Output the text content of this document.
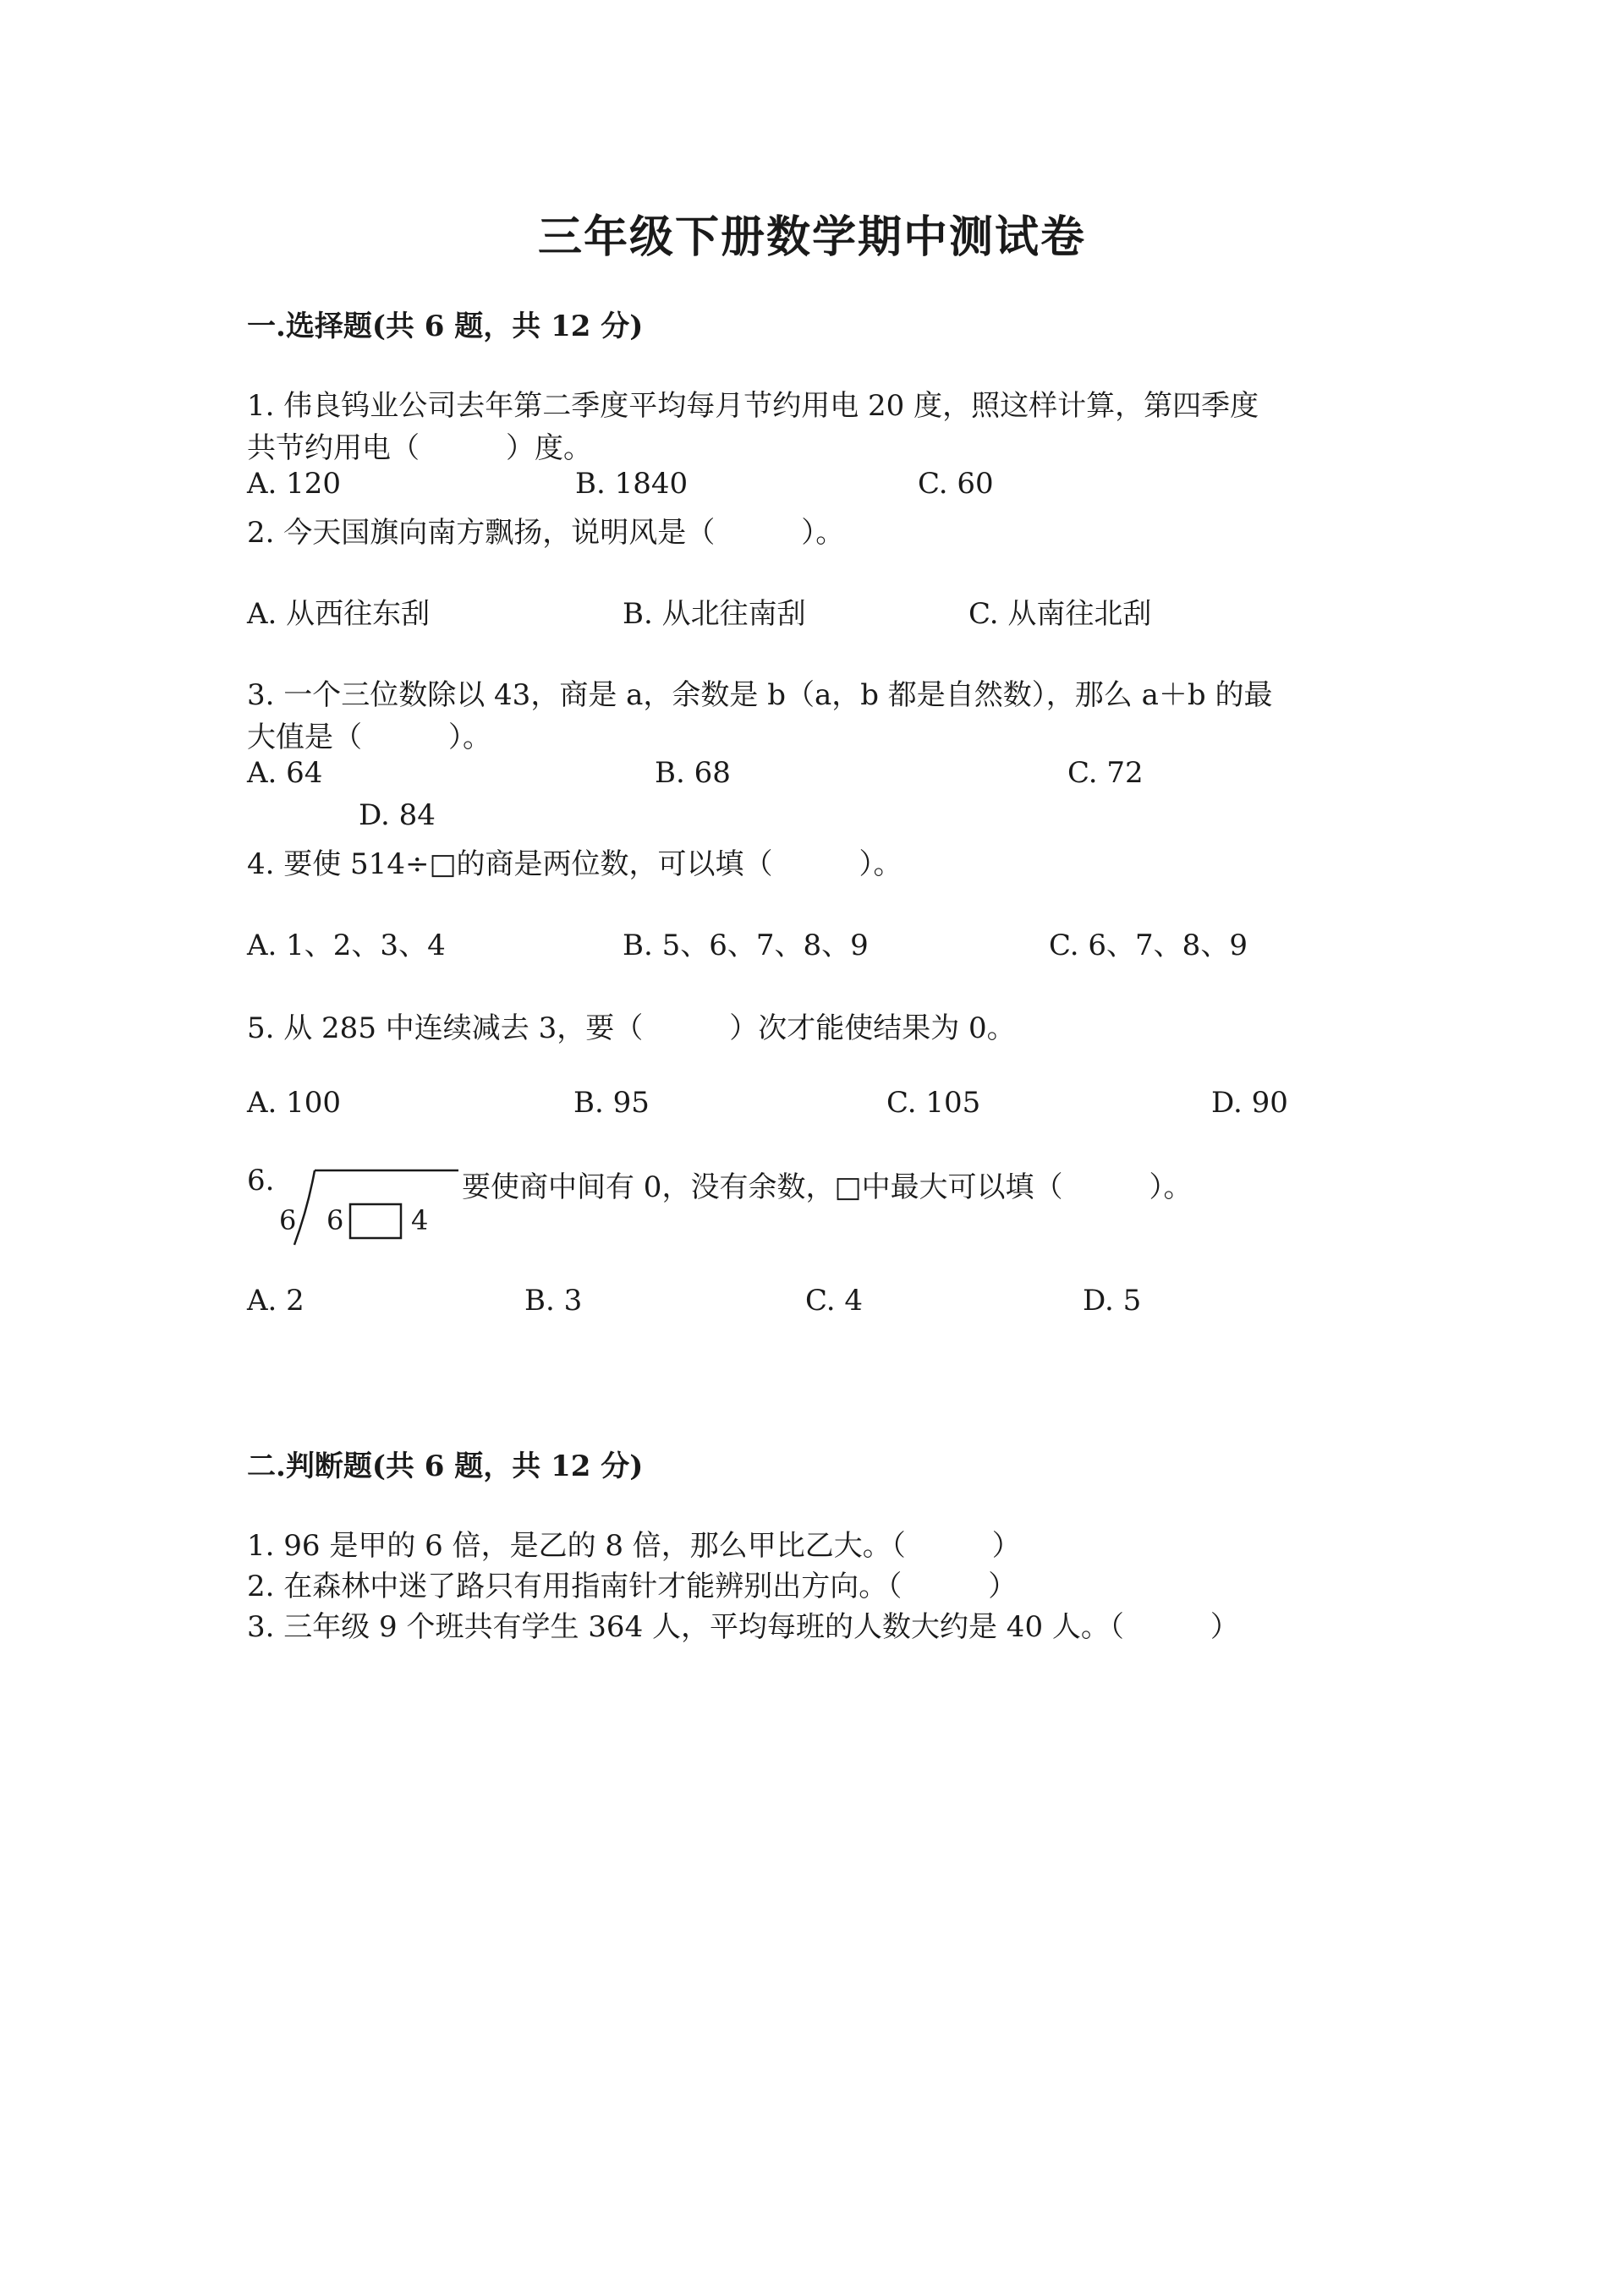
三年级下册数学期中测试卷
一.选择题(共 6 题，共 12 分)
1. 伟良钨业公司去年第二季度平均每月节约用电 20 度，照这样计算，第四季度
共节约用电（　　　）度。
A. 120	B. 1840	C. 60
2. 今天国旗向南方飘扬，说明风是（　　　）。
A. 从西往东刮	B. 从北往南刮	C. 从南往北刮
3. 一个三位数除以 43，商是 a，余数是 b（a，b 都是自然数），那么 a＋b 的最
大值是（　　　）。
A. 64	B. 68	C. 72
D. 84
4. 要使 514÷□的商是两位数，可以填（　　　）。
A. 1、2、3、4	B. 5、6、7、8、9	C. 6、7、8、9
5. 从 285 中连续减去 3，要（　　　）次才能使结果为 0。
A. 100	B. 95	C. 105	D. 90
6.
6 6 4
要使商中间有 0，没有余数，□中最大可以填（　　　）。
A. 2	B. 3	C. 4	D. 5
二.判断题(共 6 题，共 12 分)
1. 96 是甲的 6 倍，是乙的 8 倍，那么甲比乙大。（　　　）
2. 在森林中迷了路只有用指南针才能辨别出方向。（　　　）
3. 三年级 9 个班共有学生 364 人，平均每班的人数大约是 40 人。（　　　）
